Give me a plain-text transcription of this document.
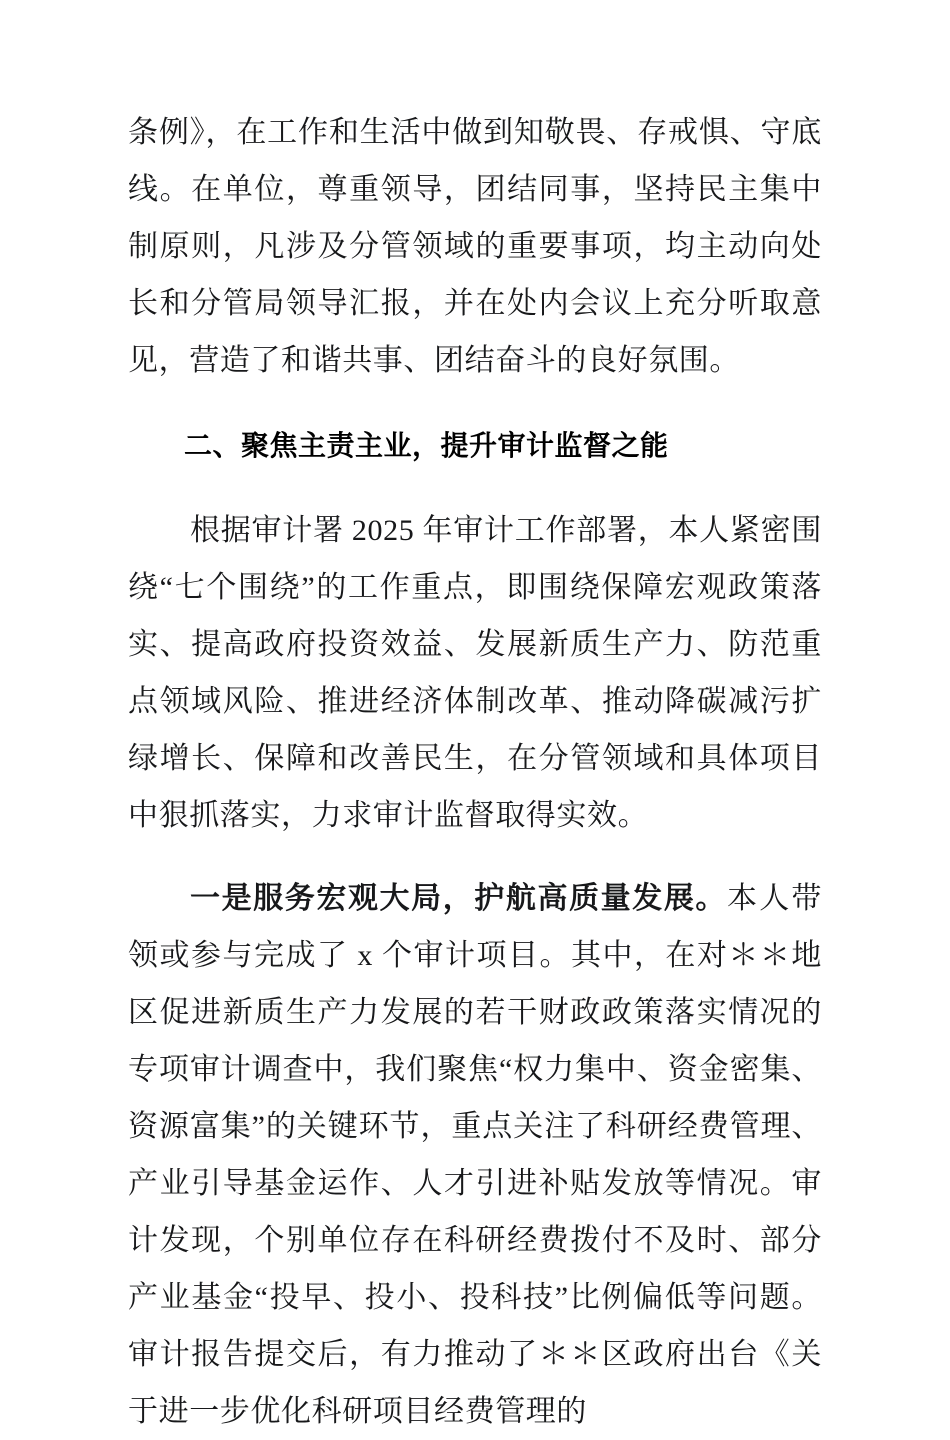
条例》，在工作和生活中做到知敬畏、存戒惧、守底线。在单位，尊重领导，团结同事，坚持民主集中制原则，凡涉及分管领域的重要事项，均主动向处长和分管局领导汇报，并在处内会议上充分听取意见，营造了和谐共事、团结奋斗的良好氛围。

二、聚焦主责主业，提升审计监督之能

根据审计署 2025 年审计工作部署，本人紧密围绕“七个围绕”的工作重点，即围绕保障宏观政策落实、提高政府投资效益、发展新质生产力、防范重点领域风险、推进经济体制改革、推动降碳减污扩绿增长、保障和改善民生，在分管领域和具体项目中狠抓落实，力求审计监督取得实效。

一是服务宏观大局，护航高质量发展。本人带领或参与完成了 x 个审计项目。其中，在对＊＊地区促进新质生产力发展的若干财政政策落实情况的专项审计调查中，我们聚焦“权力集中、资金密集、资源富集”的关键环节，重点关注了科研经费管理、产业引导基金运作、人才引进补贴发放等情况。审计发现，个别单位存在科研经费拨付不及时、部分产业基金“投早、投小、投科技”比例偏低等问题。审计报告提交后，有力推动了＊＊区政府出台《关于进一步优化科研项目经费管理的
